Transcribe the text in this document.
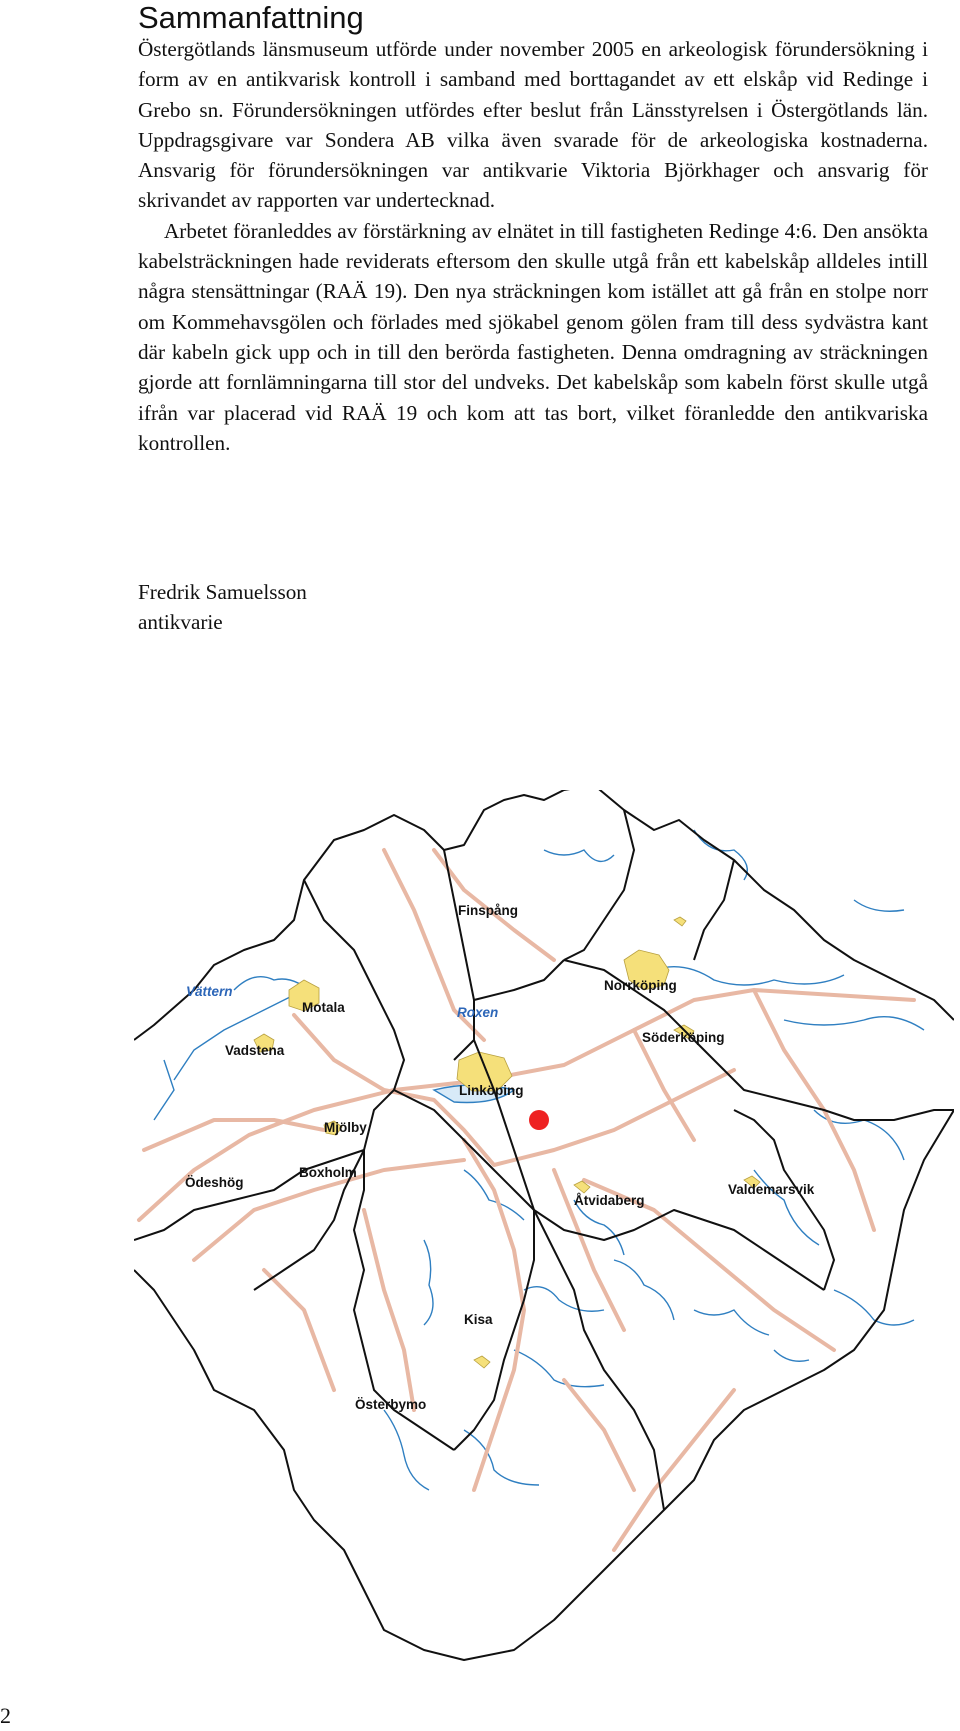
Sammanfattning

Östergötlands länsmuseum utförde under november 2005 en arkeologisk förundersökning i form av en antikvarisk kontroll i samband med borttagandet av ett elskåp vid Redinge i Grebo sn. Förundersökningen utfördes efter beslut från Länsstyrelsen i Östergötlands län. Uppdragsgivare var Sondera AB vilka även svarade för de arkeologiska kostnaderna. Ansvarig för förundersökningen var antikvarie Viktoria Björkhager och ansvarig för skrivandet av rapporten var undertecknad.

Arbetet föranleddes av förstärkning av elnätet in till fastigheten Redinge 4:6. Den ansökta kabelsträckningen hade reviderats eftersom den skulle utgå från ett kabelskåp alldeles intill några stensättningar (RAÄ 19). Den nya sträckningen kom istället att gå från en stolpe norr om Kommehavsgölen och förlades med sjökabel genom gölen fram till dess sydvästra kant där kabeln gick upp och in till den berörda fastigheten. Denna omdragning av sträckningen gjorde att fornlämningarna till stor del undveks. Det kabelskåp som kabeln först skulle utgå ifrån var placerad vid RAÄ 19 och kom att tas bort, vilket föranledde den antikvariska kontrollen.

Fredrik Samuelsson
antikvarie
Finspång
Norrköping
Motala
Vadstena
Söderköping
Linköping
Mjölby
Ödeshög
Boxholm
Åtvidaberg
Valdemarsvik
Kisa
Österbymo
Vättern
Roxen
2
